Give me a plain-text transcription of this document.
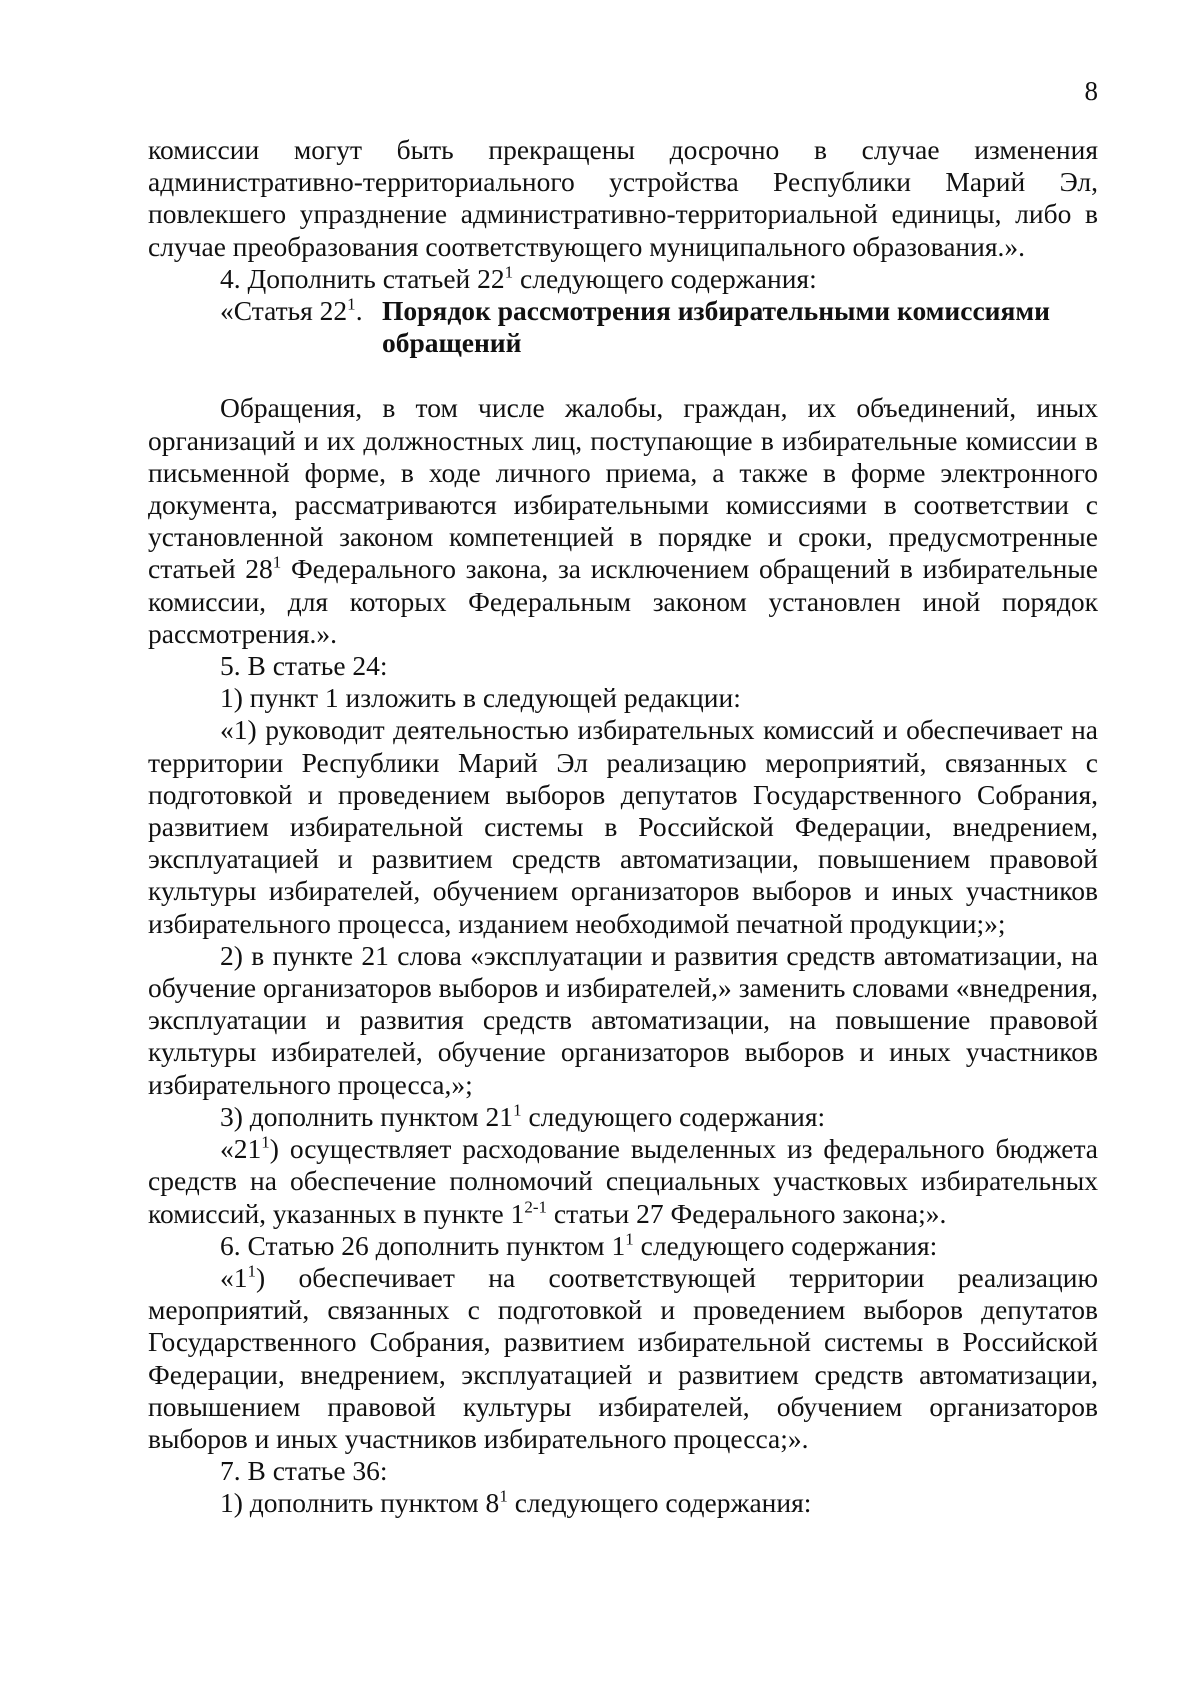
8

комиссии могут быть прекращены досрочно в случае изменения административно-территориального устройства Республики Марий Эл, повлекшего упразднение административно-территориальной единицы, либо в случае преобразования соответствующего муниципального образования.».

4. Дополнить статьей $22^1$ следующего содержания:

«Статья $22^1$. Порядок рассмотрения избирательными комиссиями обращений

Обращения, в том числе жалобы, граждан, их объединений, иных организаций и их должностных лиц, поступающие в избирательные комиссии в письменной форме, в ходе личного приема, а также в форме электронного документа, рассматриваются избирательными комиссиями в соответствии с установленной законом компетенцией в порядке и сроки, предусмотренные статьей $28^1$ Федерального закона, за исключением обращений в избирательные комиссии, для которых Федеральным законом установлен иной порядок рассмотрения.».

5. В статье 24:

1) пункт 1 изложить в следующей редакции:

«1) руководит деятельностью избирательных комиссий и обеспечивает на территории Республики Марий Эл реализацию мероприятий, связанных с подготовкой и проведением выборов депутатов Государственного Собрания, развитием избирательной системы в Российской Федерации, внедрением, эксплуатацией и развитием средств автоматизации, повышением правовой культуры избирателей, обучением организаторов выборов и иных участников избирательного процесса, изданием необходимой печатной продукции;»;

2) в пункте 21 слова «эксплуатации и развития средств автоматизации, на обучение организаторов выборов и избирателей,» заменить словами «внедрения, эксплуатации и развития средств автоматизации, на повышение правовой культуры избирателей, обучение организаторов выборов и иных участников избирательного процесса,»;

3) дополнить пунктом $21^1$ следующего содержания:

«$21^1$) осуществляет расходование выделенных из федерального бюджета средств на обеспечение полномочий специальных участковых избирательных комиссий, указанных в пункте 1$^{2-1}$ статьи 27 Федерального закона;».

6. Статью 26 дополнить пунктом $1^1$ следующего содержания:

«$1^1$) обеспечивает на соответствующей территории реализацию мероприятий, связанных с подготовкой и проведением выборов депутатов Государственного Собрания, развитием избирательной системы в Российской Федерации, внедрением, эксплуатацией и развитием средств автоматизации, повышением правовой культуры избирателей, обучением организаторов выборов и иных участников избирательного процесса;».

7. В статье 36:

1) дополнить пунктом $8^1$ следующего содержания:
